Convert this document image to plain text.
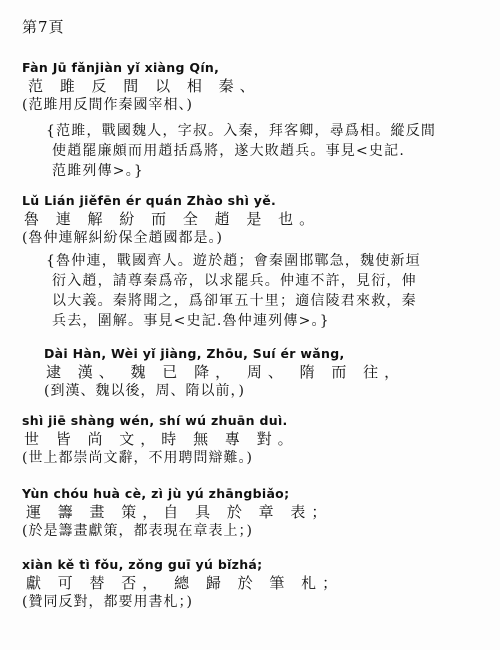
第7頁
Fàn Jū fǎnjiàn yǐ xiàng Qín,
范 雎 反 間 以 相 秦、
(范雎用反間作秦國宰相、)
{范雎，戰國魏人，字叔。入秦，拜客卿，尋爲相。縱反間
使趙罷廉頗而用趙括爲將，遂大敗趙兵。事見<史記.
范雎列傳>。}
Lǔ Lián jiěfēn ér quán Zhào shì yě.
魯 連 解 紛 而 全 趙 是 也。
(魯仲連解糾紛保全趙國都是。)
{魯仲連，戰國齊人。遊於趙；會秦圍邯鄲急，魏使新垣
衍入趙，請尊秦爲帝，以求罷兵。仲連不許，見衍，伸
以大義。秦將聞之，爲卻軍五十里；適信陵君來救，秦
兵去，圍解。事見<史記.魯仲連列傳>。}
Dài Hàn, Wèi yǐ jiàng, Zhōu, Suí ér wǎng,
逮 漢、 魏 已 降， 周、 隋 而 往，
(到漢、魏以後，周、隋以前，)
shì jiē shàng wén, shí wú zhuān duì.
世 皆 尚 文，時 無 專 對。
(世上都崇尚文辭，不用聘問辯難。)
Yùn chóu huà cè, zì jù yú zhāngbiǎo;
運 籌 畫 策，自 具 於 章 表；
(於是籌畫獻策，都表現在章表上；)
xiàn kě tì fǒu, zǒng guī yú bǐzhá;
獻 可 替 否， 總 歸 於 筆 札；
(贊同反對，都要用書札；)
